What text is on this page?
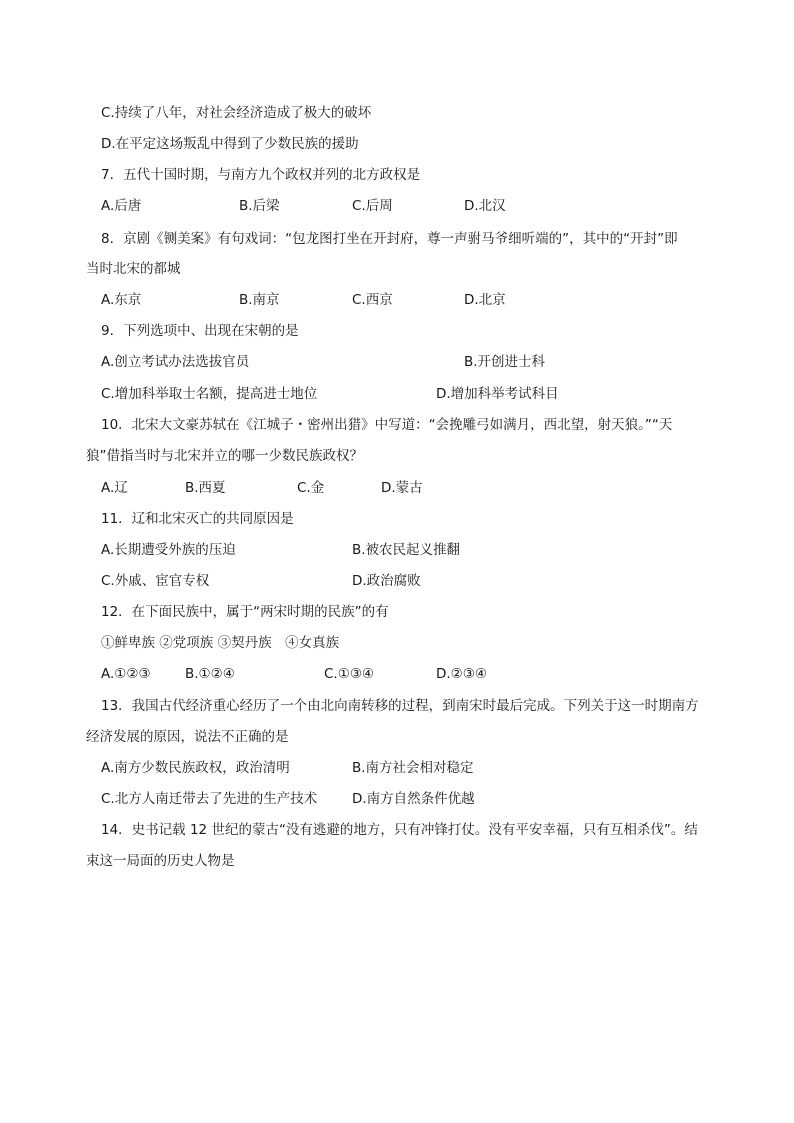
C.持续了八年，对社会经济造成了极大的破坏
D.在平定这场叛乱中得到了少数民族的援助
7．五代十国时期，与南方九个政权并列的北方政权是
A.后唐	B.后梁	C.后周	D.北汉
8．京剧《铡美案》有句戏词：“包龙图打坐在开封府，尊一声驸马爷细听端的”，其中的“开封”即
当时北宋的都城
A.东京	B.南京	C.西京	D.北京
9．下列选项中、出现在宋朝的是
A.创立考试办法选拔官员	B.开创进士科
C.增加科举取士名额，提高进士地位	D.增加科举考试科目
10．北宋大文豪苏轼在《江城子・密州出猎》中写道：“会挽雕弓如满月，西北望，射天狼。”“天
狼”借指当时与北宋并立的哪一少数民族政权？
A.辽	B.西夏	C.金	D.蒙古
11．辽和北宋灭亡的共同原因是
A.长期遭受外族的压迫	B.被农民起义推翻
C.外戚、宦官专权	D.政治腐败
12．在下面民族中，属于“两宋时期的民族”的有
①鲜卑族 ②党项族 ③契丹族　④女真族
A.①②③	B.①②④	C.①③④	D.②③④
13．我国古代经济重心经历了一个由北向南转移的过程，到南宋时最后完成。下列关于这一时期南方
经济发展的原因，说法不正确的是
A.南方少数民族政权，政治清明	B.南方社会相对稳定
C.北方人南迁带去了先进的生产技术	D.南方自然条件优越
14．史书记载 12 世纪的蒙古“没有逃避的地方，只有冲锋打仗。没有平安幸福，只有互相杀伐”。结
束这一局面的历史人物是
